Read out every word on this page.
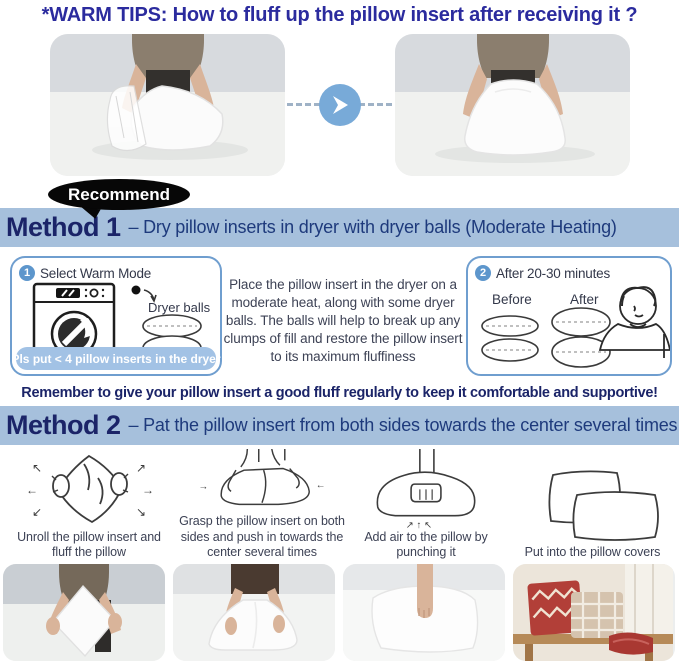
*WARM TIPS: How to fluff up the pillow insert after receiving it ?
Recommend
Method 1 – Dry pillow inserts in dryer with dryer balls (Moderate Heating)
1 Select Warm Mode
Dryer balls
Pls put < 4 pillow inserts in the dryer
Place the pillow insert in the dryer on a moderate heat, along with some dryer balls. The balls will help to break up any clumps of fill and restore the pillow insert to its maximum fluffiness
2 After 20-30 minutes
Before	After
Remember to give your pillow insert a good fluff regularly to keep it comfortable and supportive!
Method 2 – Pat the pillow insert from both sides towards the center several times
↖
←
↙
↗
→
↘
Unroll the pillow insert and fluff the pillow
→	←
Grasp the pillow insert on both sides and push in towards the center several times
↗ ↑ ↖
Add air to the pillow by punching it	Put into the pillow covers
